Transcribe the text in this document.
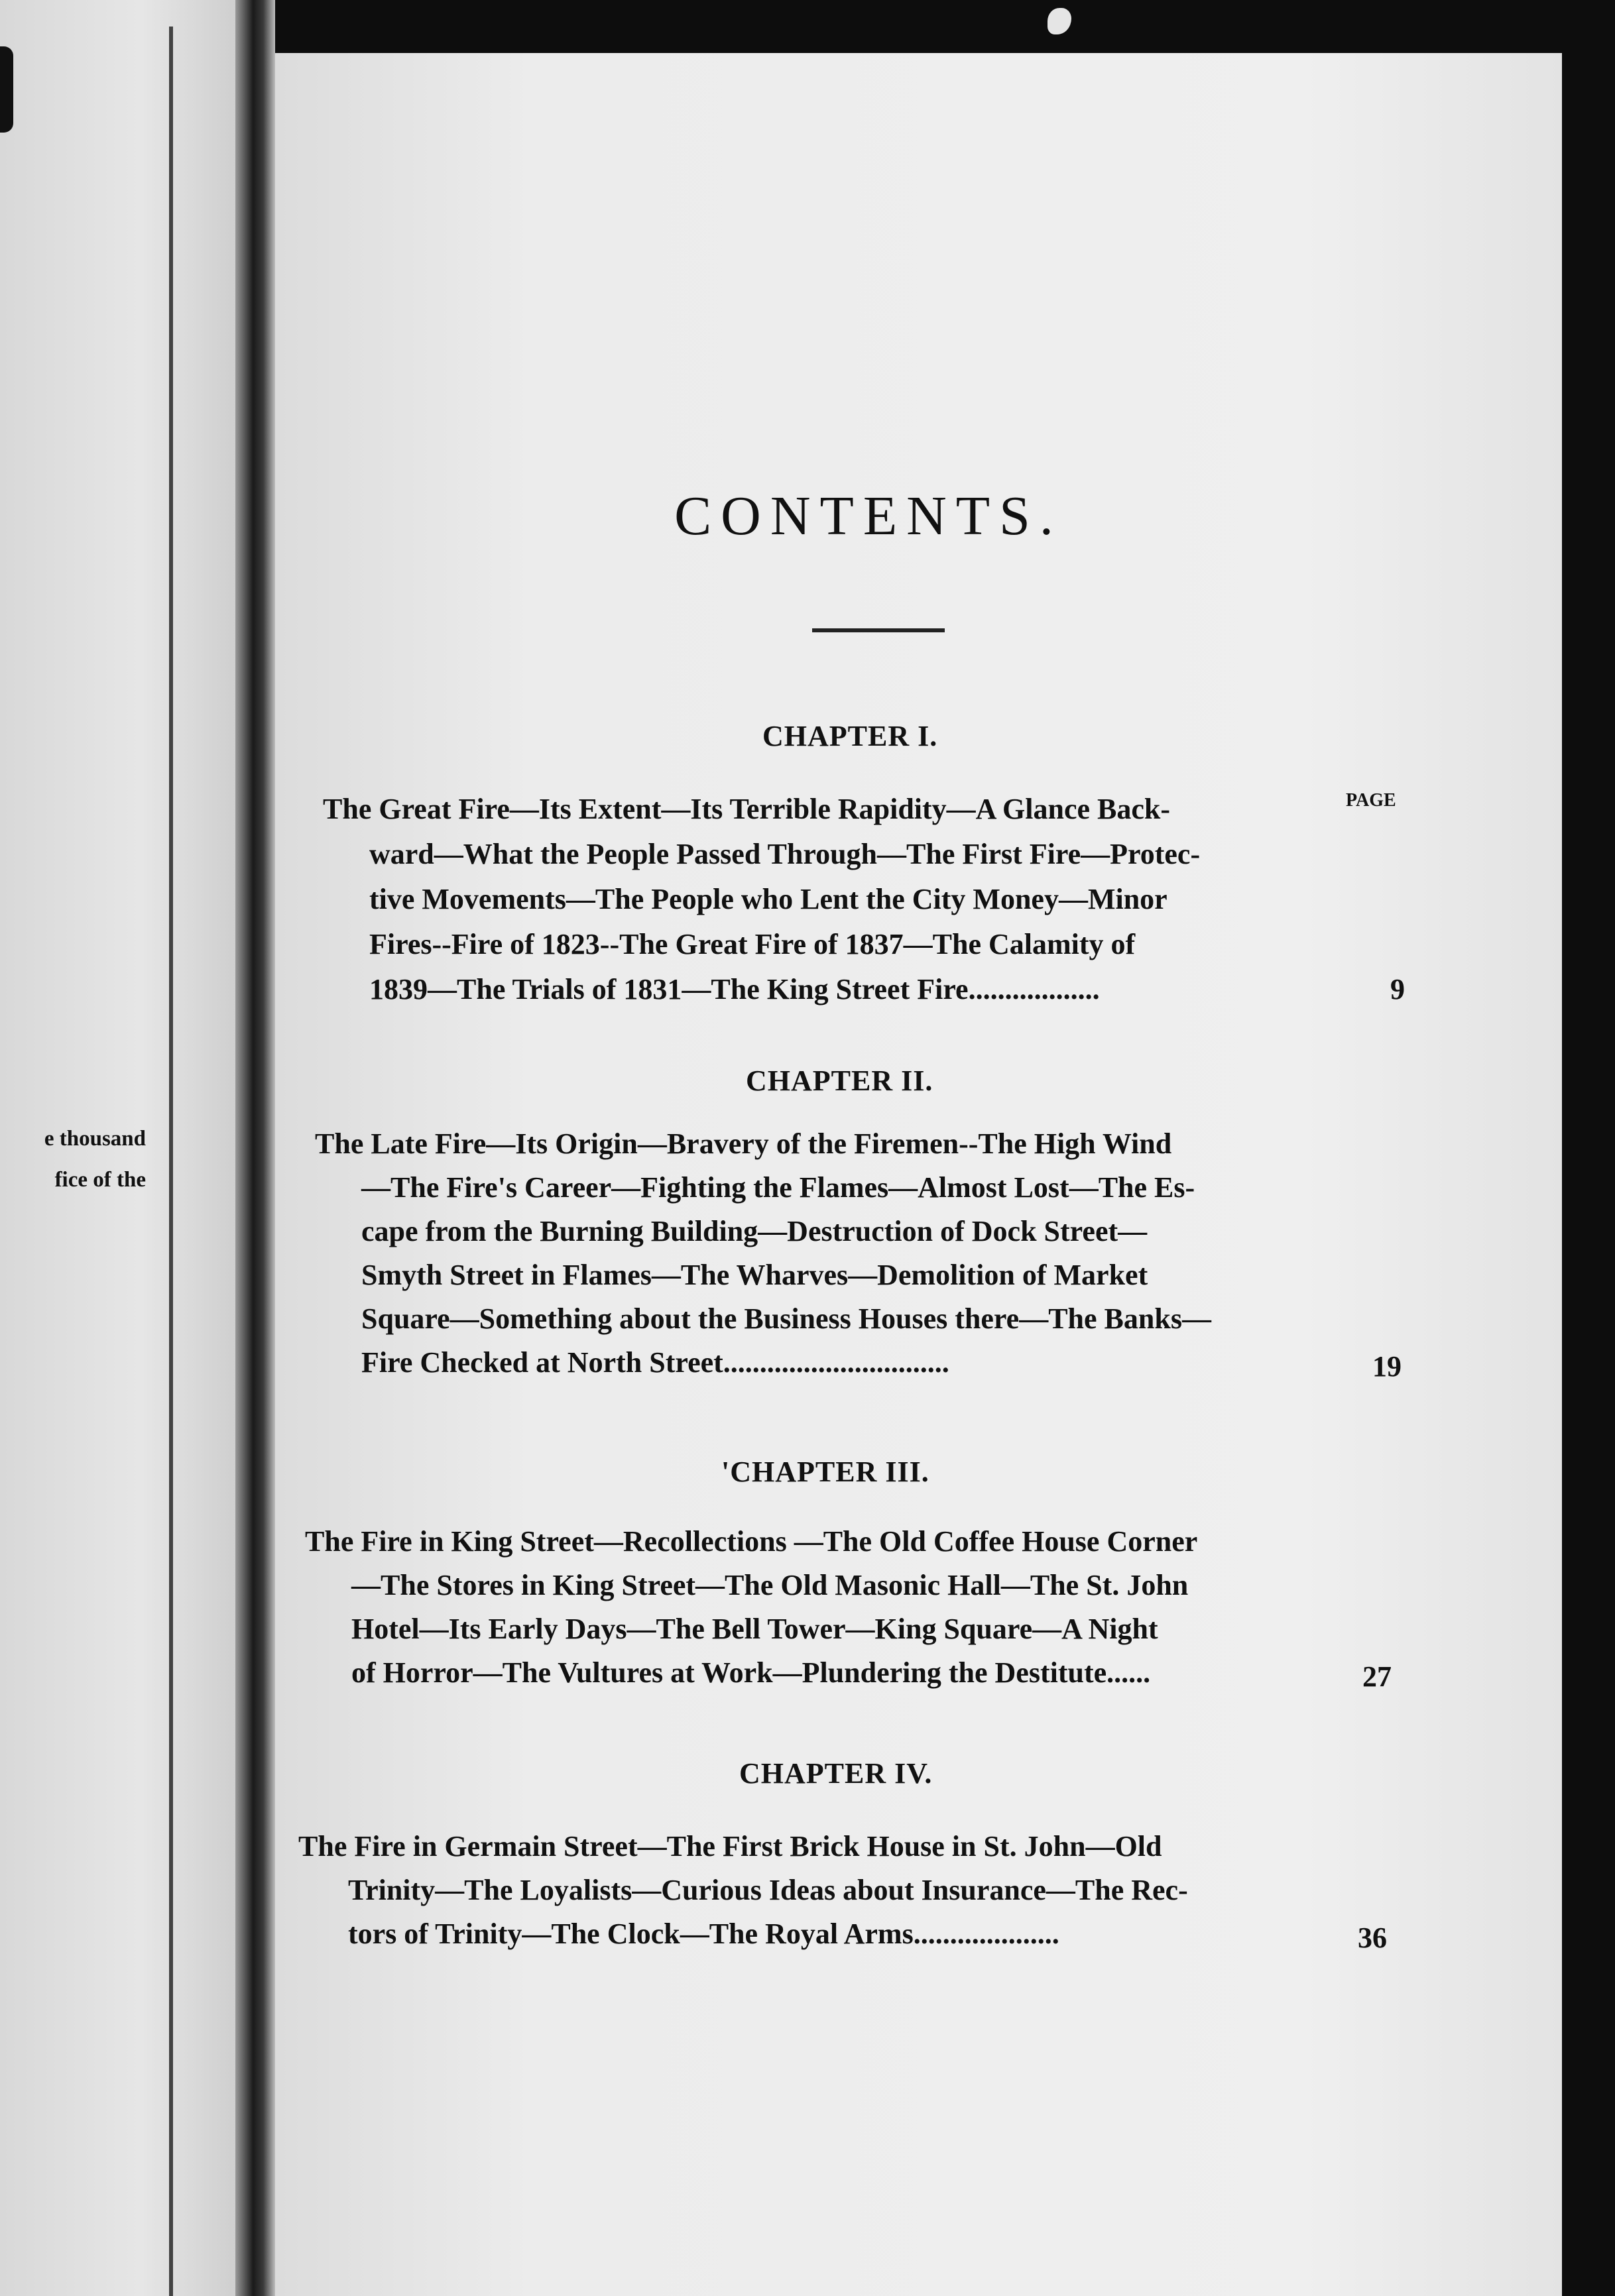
e thousand
fice of the
CONTENTS.
PAGE
CHAPTER I.
The Great Fire—Its Extent—Its Terrible Rapidity—A Glance Back-
ward—What the People Passed Through—The First Fire—Protec-
tive Movements—The People who Lent the City Money—Minor
Fires--Fire of 1823--The Great Fire of 1837—The Calamity of
1839—The Trials of 1831—The King Street Fire..................	9
CHAPTER II.
The Late Fire—Its Origin—Bravery of the Firemen--The High Wind
—The Fire's Career—Fighting the Flames—Almost Lost—The Es-
cape from the Burning Building—Destruction of Dock Street—
Smyth Street in Flames—The Wharves—Demolition of Market
Square—Something about the Business Houses there—The Banks—
Fire Checked at North Street...............................	19
'CHAPTER III.
The Fire in King Street—Recollections —The Old Coffee House Corner
—The Stores in King Street—The Old Masonic Hall—The St. John
Hotel—Its Early Days—The Bell Tower—King Square—A Night
of Horror—The Vultures at Work—Plundering the Destitute......	27
CHAPTER IV.
The Fire in Germain Street—The First Brick House in St. John—Old
Trinity—The Loyalists—Curious Ideas about Insurance—The Rec-
tors of Trinity—The Clock—The Royal Arms....................	36
